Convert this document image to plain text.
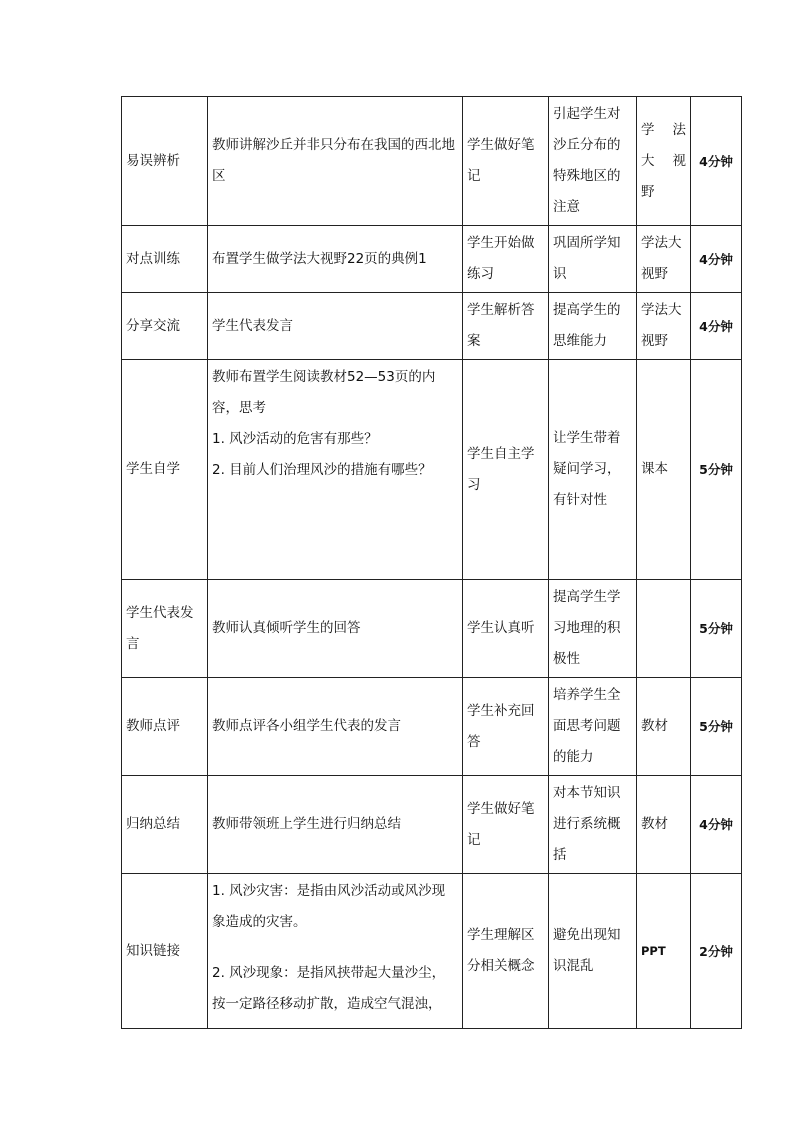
易误辨析	教师讲解沙丘并非只分布在我国的西北地区	学生做好笔记	引起学生对沙丘分布的特殊地区的注意	学 法 大 视 野	4分钟
对点训练	布置学生做学法大视野22页的典例1	学生开始做练习	巩固所学知识	学法大视野	4分钟
分享交流	学生代表发言	学生解析答案	提高学生的思维能力	学法大视野	4分钟
学生自学	教师布置学生阅读教材52—53页的内容，思考
1. 风沙活动的危害有那些？
2. 目前人们治理风沙的措施有哪些？	学生自主学习	让学生带着疑问学习，有针对性	课本	5分钟
学生代表发言	教师认真倾听学生的回答	学生认真听	提高学生学习地理的积极性		5分钟
教师点评	教师点评各小组学生代表的发言	学生补充回答	培养学生全面思考问题的能力	教材	5分钟
归纳总结	教师带领班上学生进行归纳总结	学生做好笔记	对本节知识进行系统概括	教材	4分钟
知识链接	1. 风沙灾害：是指由风沙活动或风沙现象造成的灾害。
2. 风沙现象：是指风挟带起大量沙尘，按一定路径移动扩散，造成空气混浊，	学生理解区分相关概念	避免出现知识混乱	PPT	2分钟
